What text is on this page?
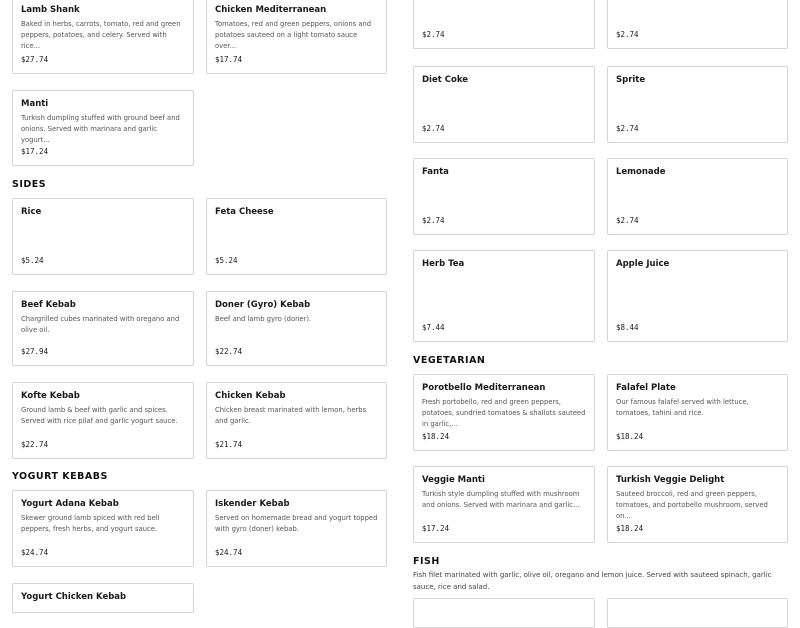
Lamb Shank
Baked in herbs, carrots, tomato, red and green peppers, potatoes, and celery. Served with rice...
$27.74
Chicken Mediterranean
Tomatoes, red and green peppers, onions and potatoes sauteed on a light tomato sauce over...
$17.74
Manti
Turkish dumpling stuffed with ground beef and onions. Served with marinara and garlic yogurt...
$17.24
SIDES
Rice
$5.24
Feta Cheese
$5.24
Beef Kebab
Chargrilled cubes marinated with oregano and olive oil.
$27.94
Doner (Gyro) Kebab
Beef and lamb gyro (doner).
$22.74
Kofte Kebab
Ground lamb & beef with garlic and spices. Served with rice pilaf and garlic yogurt sauce.
$22.74
Chicken Kebab
Chicken breast marinated with lemon, herbs and garlic.
$21.74
YOGURT KEBABS
Yogurt Adana Kebab
Skewer ground lamb spiced with red bell peppers, fresh herbs, and yogurt sauce.
$24.74
Iskender Kebab
Served on homemade bread and yogurt topped with gyro (doner) kebab.
$24.74
Yogurt Chicken Kebab
$2.74	$2.74
Diet Coke
$2.74
Sprite
$2.74
Fanta
$2.74
Lemonade
$2.74
Herb Tea
$7.44
Apple Juice
$8.44
VEGETARIAN
Porotbello Mediterranean
Fresh portobello, red and green peppers, potatoes, sundried tomatoes & shallots sauteed in garlic,...
$18.24
Falafel Plate
Our famous falafel served with lettuce, tomatoes, tahini and rice.
$18.24
Veggie Manti
Turkish style dumpling stuffed with mushroom and onions. Served with marinara and garlic...
$17.24
Turkish Veggie Delight
Sauteed broccoli, red and green peppers, tomatoes, and portobello mushroom, served on...
$18.24
FISH
Fish filet marinated with garlic, olive oil, oregano and lemon juice. Served with sauteed spinach, garlic sauce, rice and salad.
